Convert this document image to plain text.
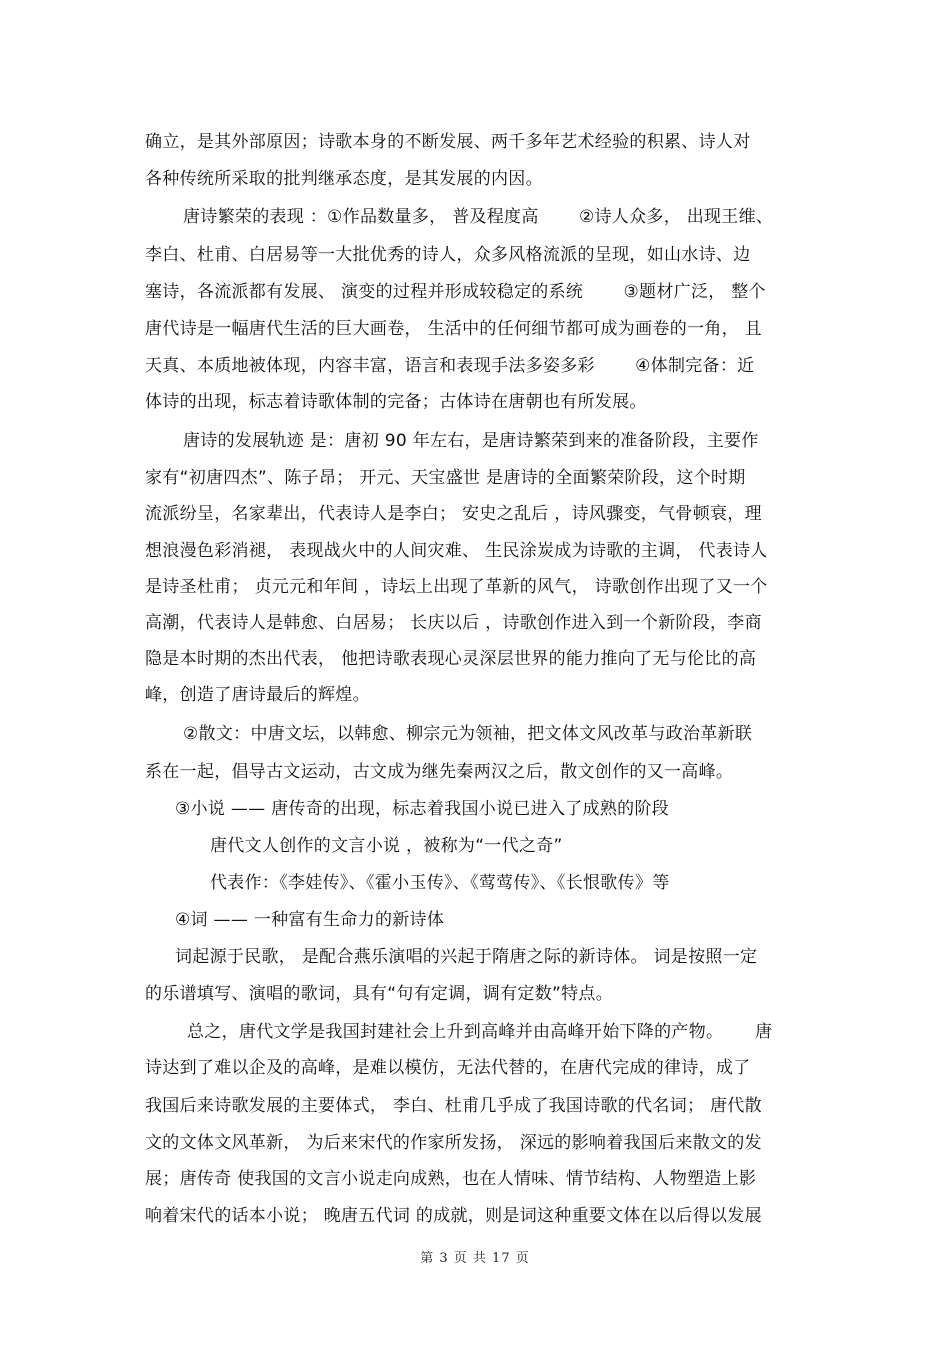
确立，是其外部原因；诗歌本身的不断发展、两千多年艺术经验的积累、诗人对
各种传统所采取的批判继承态度，是其发展的内因。
唐诗繁荣的表现 ：①作品数量多， 普及程度高　　 ②诗人众多， 出现王维、
李白、杜甫、白居易等一大批优秀的诗人，众多风格流派的呈现，如山水诗、边
塞诗，各流派都有发展、 演变的过程并形成较稳定的系统　　 ③题材广泛， 整个
唐代诗是一幅唐代生活的巨大画卷， 生活中的任何细节都可成为画卷的一角， 且
天真、本质地被体现，内容丰富，语言和表现手法多姿多彩　　 ④体制完备：近
体诗的出现，标志着诗歌体制的完备；古体诗在唐朝也有所发展。
唐诗的发展轨迹 是：唐初 90 年左右，是唐诗繁荣到来的准备阶段，主要作
家有“初唐四杰”、陈子昂； 开元、天宝盛世 是唐诗的全面繁荣阶段，这个时期
流派纷呈，名家辈出，代表诗人是李白； 安史之乱后 ，诗风骤变，气骨顿衰，理
想浪漫色彩消褪， 表现战火中的人间灾难、 生民涂炭成为诗歌的主调， 代表诗人
是诗圣杜甫； 贞元元和年间 ，诗坛上出现了革新的风气， 诗歌创作出现了又一个
高潮，代表诗人是韩愈、白居易； 长庆以后 ，诗歌创作进入到一个新阶段，李商
隐是本时期的杰出代表， 他把诗歌表现心灵深层世界的能力推向了无与伦比的高
峰，创造了唐诗最后的辉煌。
②散文：中唐文坛，以韩愈、柳宗元为领袖，把文体文风改革与政治革新联
系在一起，倡导古文运动，古文成为继先秦两汉之后，散文创作的又一高峰。
③小说 —— 唐传奇的出现，标志着我国小说已进入了成熟的阶段
唐代文人创作的文言小说 ，被称为“一代之奇”
代表作：《李娃传》、《霍小玉传》、《莺莺传》、《长恨歌传》等
④词 —— 一种富有生命力的新诗体
词起源于民歌， 是配合燕乐演唱的兴起于隋唐之际的新诗体。 词是按照一定
的乐谱填写、演唱的歌词，具有“句有定调，调有定数”特点。
总之，唐代文学是我国封建社会上升到高峰并由高峰开始下降的产物。　　 唐
诗达到了难以企及的高峰，是难以模仿，无法代替的，在唐代完成的律诗，成了
我国后来诗歌发展的主要体式， 李白、杜甫几乎成了我国诗歌的代名词； 唐代散
文的文体文风革新， 为后来宋代的作家所发扬， 深远的影响着我国后来散文的发
展；唐传奇 使我国的文言小说走向成熟，也在人情味、情节结构、人物塑造上影
响着宋代的话本小说； 晚唐五代词 的成就，则是词这种重要文体在以后得以发展
第 3 页 共 17 页
